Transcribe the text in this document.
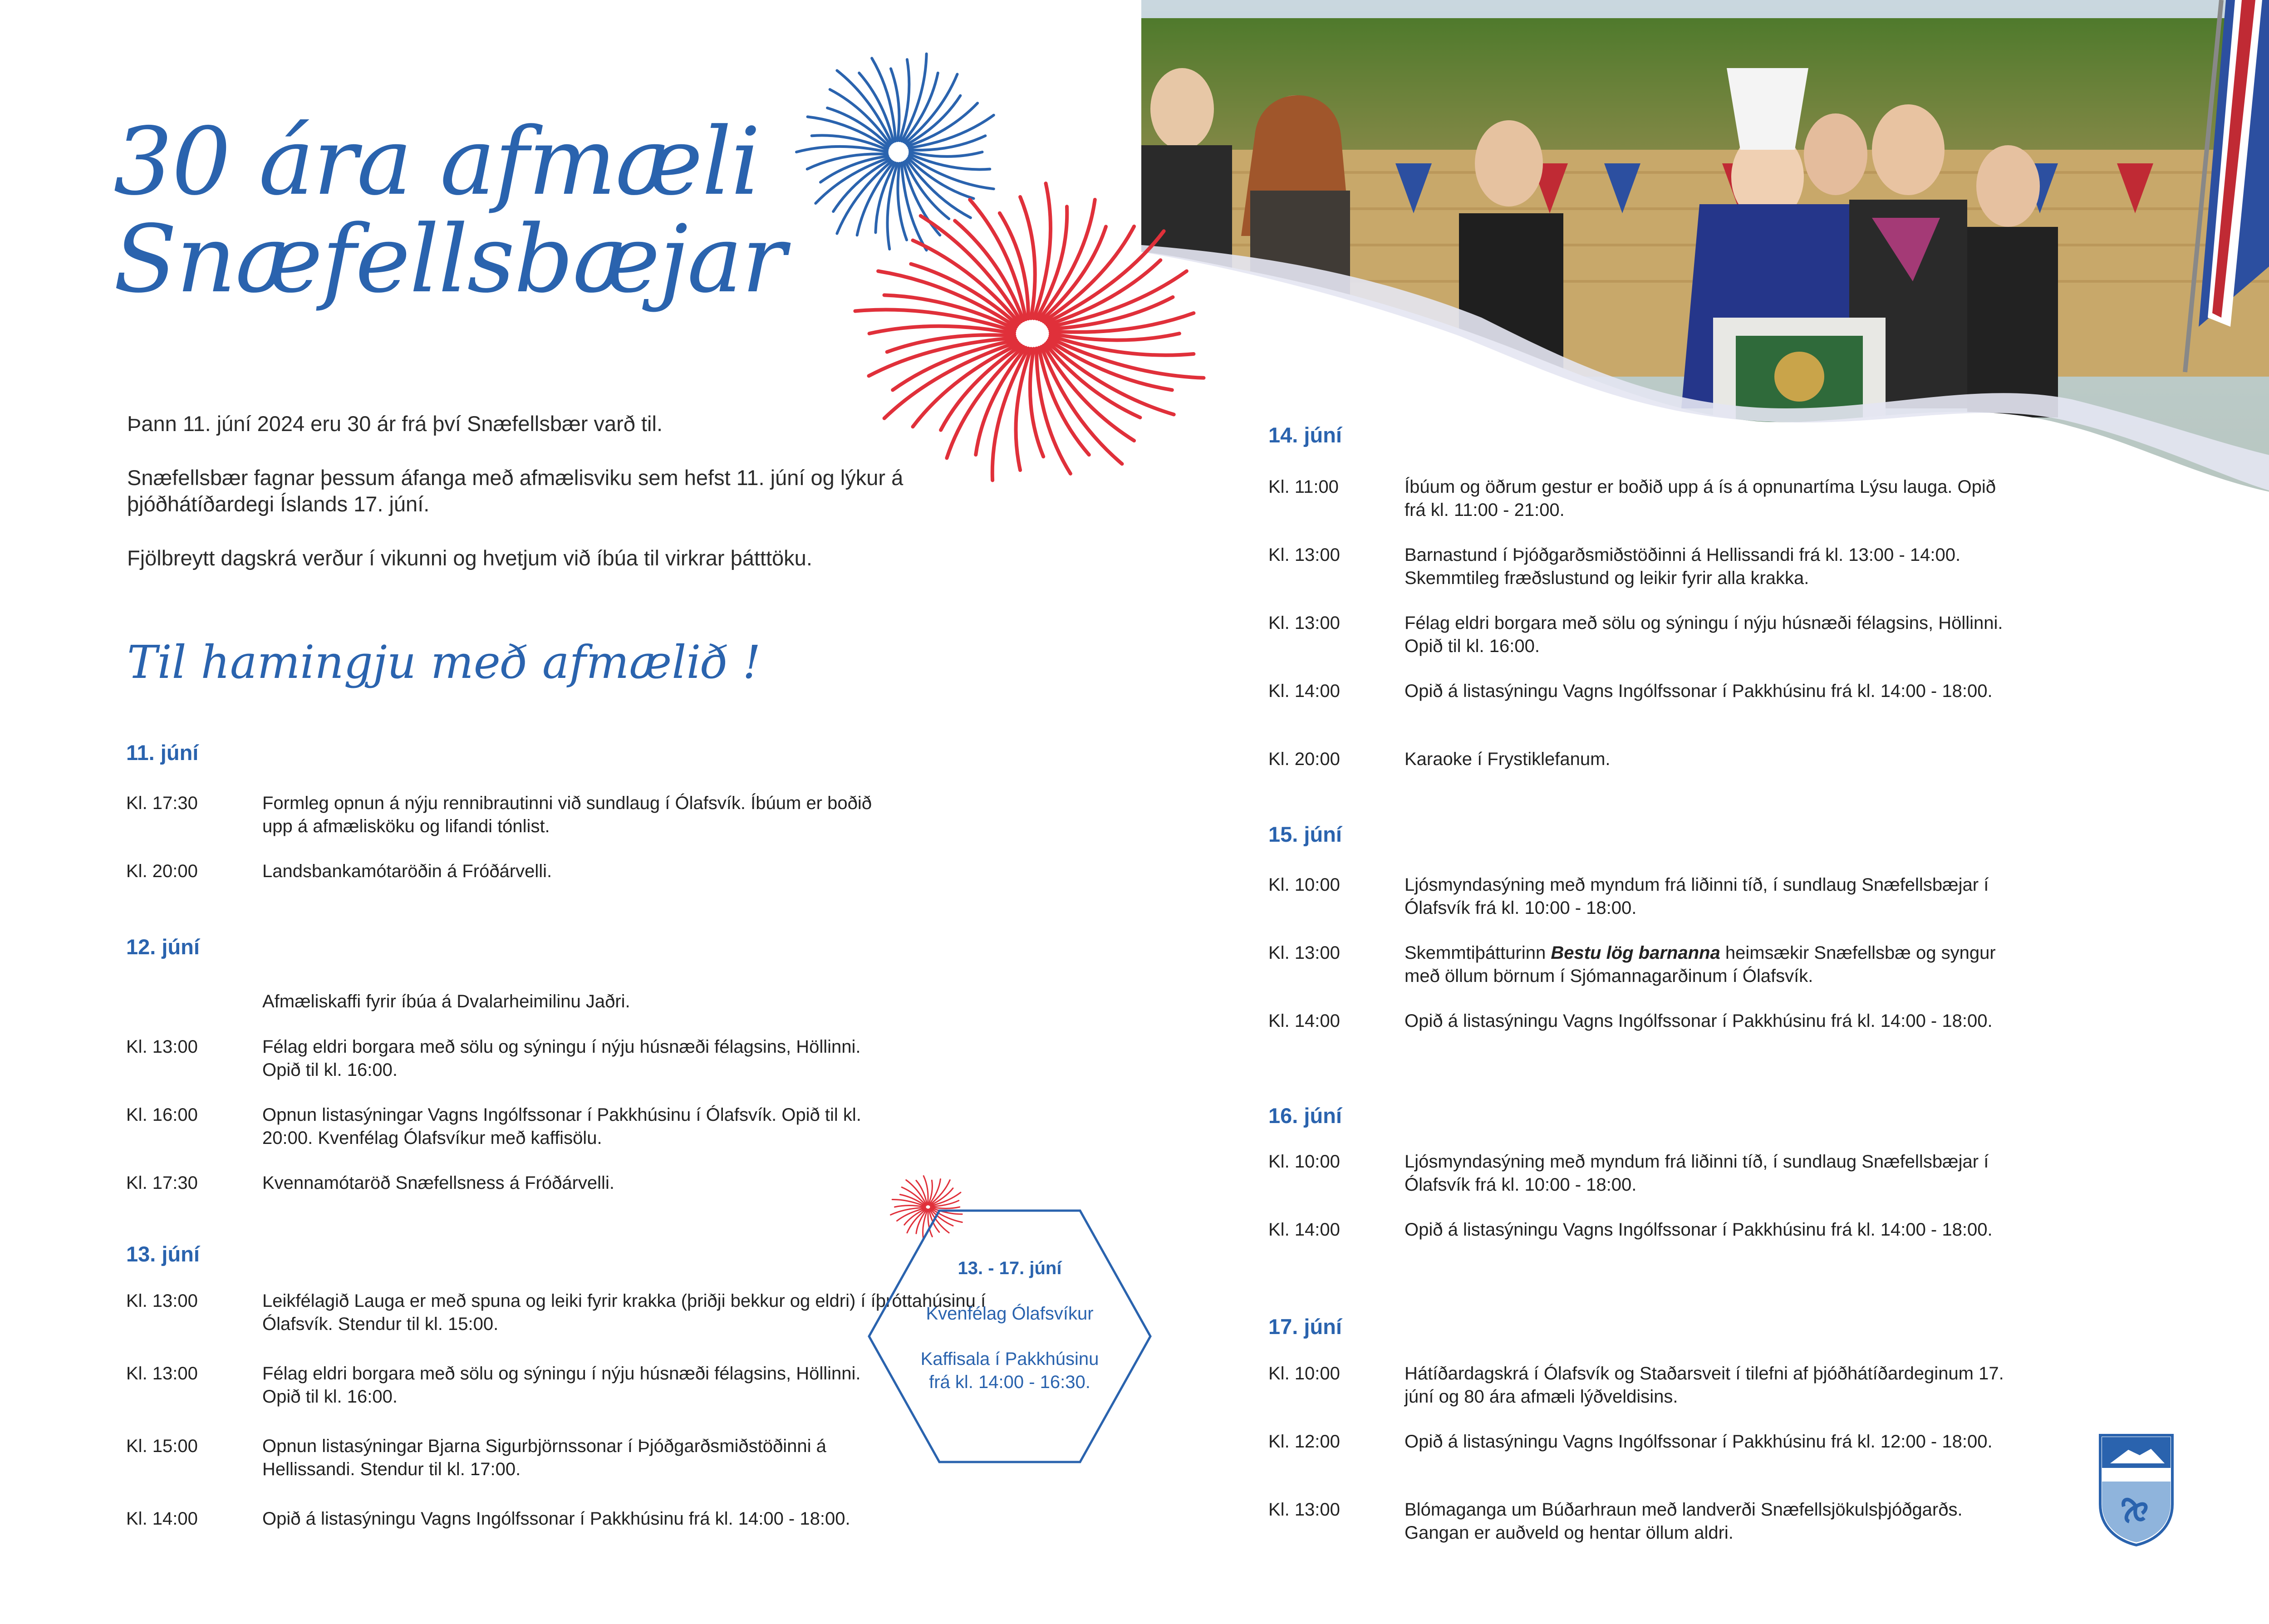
30 ára afmæli
Snæfellsbæjar

Þann 11. júní 2024 eru 30 ár frá því Snæfellsbær varð til.

Snæfellsbær fagnar þessum áfanga með afmælisviku sem hefst 11. júní og lýkur á þjóðhátíðardegi Íslands 17. júní.

Fjölbreytt dagskrá verður í vikunni og hvetjum við íbúa til virkrar þátttöku.

Til hamingju með afmælið !
11. júní
Kl. 17:30	Formleg opnun á nýju rennibrautinni við sundlaug í Ólafsvík. Íbúum er boðið upp á afmælisköku og lifandi tónlist.
Kl. 20:00	Landsbankamótaröðin á Fróðárvelli.
12. júní
Afmæliskaffi fyrir íbúa á Dvalarheimilinu Jaðri.
Kl. 13:00	Félag eldri borgara með sölu og sýningu í nýju húsnæði félagsins, Höllinni. Opið til kl. 16:00.
Kl. 16:00	Opnun listasýningar Vagns Ingólfssonar í Pakkhúsinu í Ólafsvík. Opið til kl. 20:00. Kvenfélag Ólafsvíkur með kaffisölu.
Kl. 17:30	Kvennamótaröð Snæfellsness á Fróðárvelli.
13. júní
Kl. 13:00	Leikfélagið Lauga er með spuna og leiki fyrir krakka (þriðji bekkur og eldri) í íþróttahúsinu í Ólafsvík. Stendur til kl. 15:00.
Kl. 13:00	Félag eldri borgara með sölu og sýningu í nýju húsnæði félagsins, Höllinni. Opið til kl. 16:00.
Kl. 15:00	Opnun listasýningar Bjarna Sigurbjörnssonar í Þjóðgarðsmiðstöðinni á Hellissandi. Stendur til kl. 17:00.
Kl. 14:00	Opið á listasýningu Vagns Ingólfssonar í Pakkhúsinu frá kl. 14:00 - 18:00.
13. - 17. júní
Kvenfélag Ólafsvíkur
Kaffisala í Pakkhúsinu
frá kl. 14:00 - 16:30.
14. júní
Kl. 11:00	Íbúum og öðrum gestur er boðið upp á ís á opnunartíma Lýsu lauga. Opið frá kl. 11:00 - 21:00.
Kl. 13:00	Barnastund í Þjóðgarðsmiðstöðinni á Hellissandi frá kl. 13:00 - 14:00. Skemmtileg fræðslustund og leikir fyrir alla krakka.
Kl. 13:00	Félag eldri borgara með sölu og sýningu í nýju húsnæði félagsins, Höllinni. Opið til kl. 16:00.
Kl. 14:00	Opið á listasýningu Vagns Ingólfssonar í Pakkhúsinu frá kl. 14:00 - 18:00.
Kl. 20:00	Karaoke í Frystiklefanum.
15. júní
Kl. 10:00	Ljósmyndasýning með myndum frá liðinni tíð, í sundlaug Snæfellsbæjar í Ólafsvík frá kl. 10:00 - 18:00.
Kl. 13:00	Skemmtiþátturinn Bestu lög barnanna heimsækir Snæfellsbæ og syngur með öllum börnum í Sjómannagarðinum í Ólafsvík.
Kl. 14:00	Opið á listasýningu Vagns Ingólfssonar í Pakkhúsinu frá kl. 14:00 - 18:00.
16. júní
Kl. 10:00	Ljósmyndasýning með myndum frá liðinni tíð, í sundlaug Snæfellsbæjar í Ólafsvík frá kl. 10:00 - 18:00.
Kl. 14:00	Opið á listasýningu Vagns Ingólfssonar í Pakkhúsinu frá kl. 14:00 - 18:00.
17. júní
Kl. 10:00	Hátíðardagskrá í Ólafsvík og Staðarsveit í tilefni af þjóðhátíðardeginum 17. júní og 80 ára afmæli lýðveldisins.
Kl. 12:00	Opið á listasýningu Vagns Ingólfssonar í Pakkhúsinu frá kl. 12:00 - 18:00.
Kl. 13:00	Blómaganga um Búðarhraun með landverði Snæfellsjökulsþjóðgarðs. Gangan er auðveld og hentar öllum aldri.
